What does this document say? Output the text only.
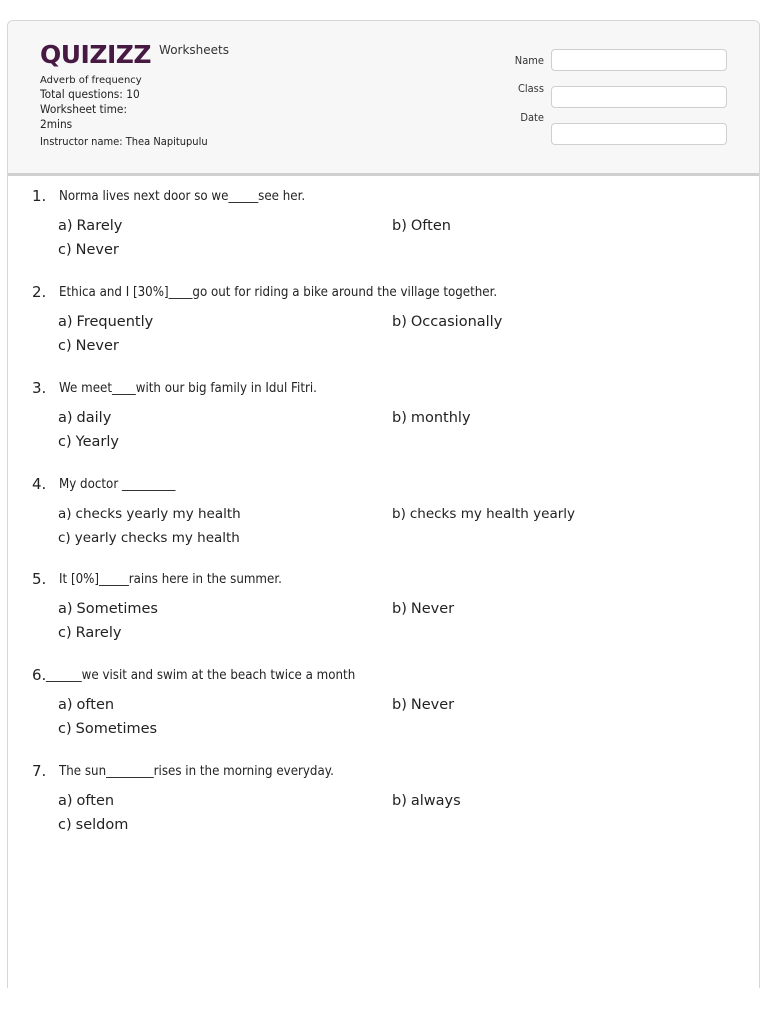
QUIZIZZ Worksheets
Adverb of frequency
Total questions: 10
Worksheet time:
2mins
Instructor name: Thea Napitupulu
Name
Class
Date
1. Norma lives next door so we_____see her.
a) Rarely	b) Often
c) Never
2. Ethica and I [30%]____go out for riding a bike around the village together.
a) Frequently	b) Occasionally
c) Never
3. We meet____with our big family in Idul Fitri.
a) daily	b) monthly
c) Yearly
4. My doctor _________
a) checks yearly my health	b) checks my health yearly
c) yearly checks my health
5. It [0%]_____rains here in the summer.
a) Sometimes	b) Never
c) Rarely
6. ______we visit and swim at the beach twice a month
a) often	b) Never
c) Sometimes
7. The sun________rises in the morning everyday.
a) often	b) always
c) seldom
